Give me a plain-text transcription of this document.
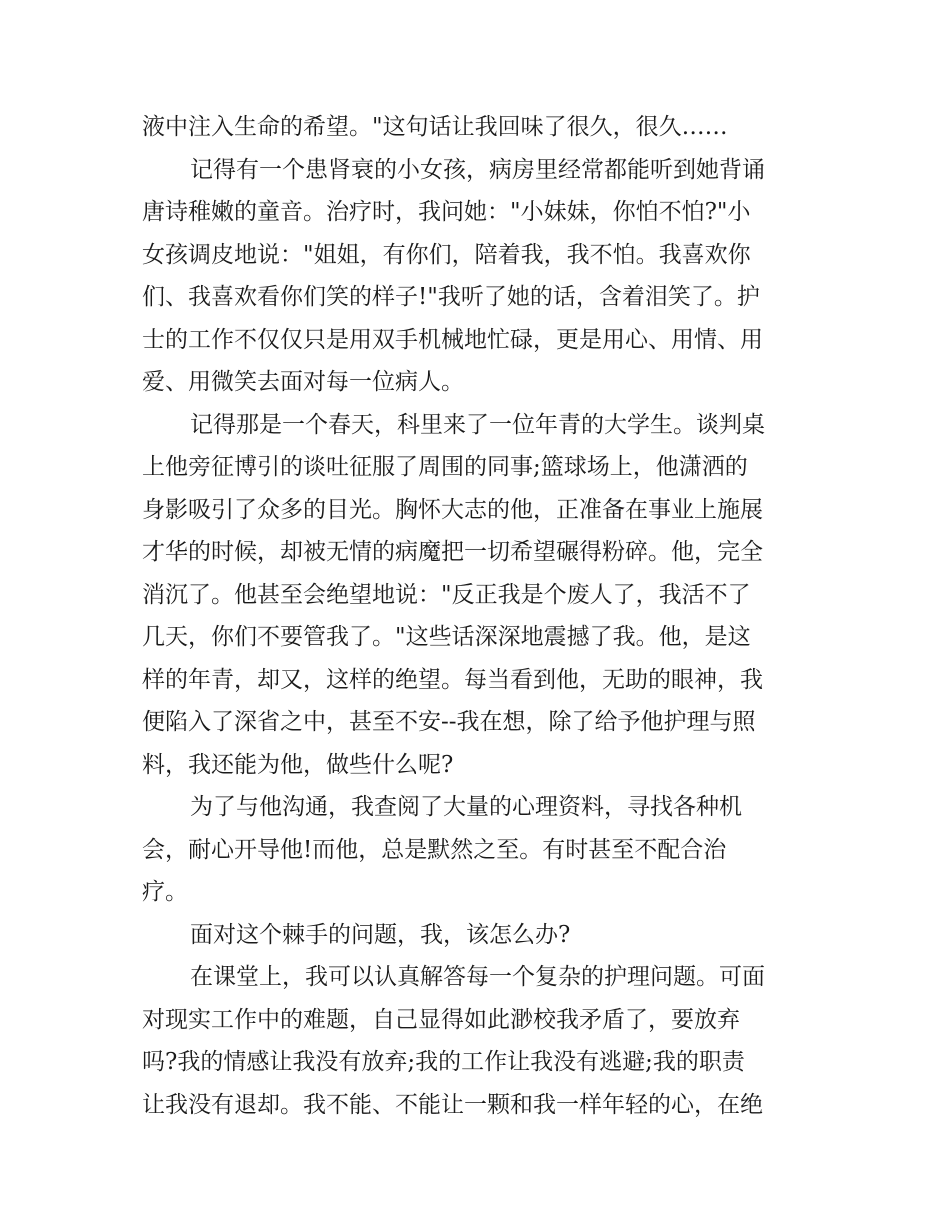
液中注入生命的希望。"这句话让我回味了很久，很久……
记得有一个患肾衰的小女孩，病房里经常都能听到她背诵
唐诗稚嫩的童音。治疗时，我问她："小妹妹，你怕不怕?"小
女孩调皮地说："姐姐，有你们，陪着我，我不怕。我喜欢你
们、我喜欢看你们笑的样子!"我听了她的话，含着泪笑了。护
士的工作不仅仅只是用双手机械地忙碌，更是用心、用情、用
爱、用微笑去面对每一位病人。
记得那是一个春天，科里来了一位年青的大学生。谈判桌
上他旁征博引的谈吐征服了周围的同事;篮球场上，他潇洒的
身影吸引了众多的目光。胸怀大志的他，正准备在事业上施展
才华的时候，却被无情的病魔把一切希望碾得粉碎。他，完全
消沉了。他甚至会绝望地说："反正我是个废人了，我活不了
几天，你们不要管我了。"这些话深深地震撼了我。他，是这
样的年青，却又，这样的绝望。每当看到他，无助的眼神，我
便陷入了深省之中，甚至不安--我在想，除了给予他护理与照
料，我还能为他，做些什么呢?
为了与他沟通，我查阅了大量的心理资料，寻找各种机
会，耐心开导他!而他，总是默然之至。有时甚至不配合治
疗。
面对这个棘手的问题，我，该怎么办?
在课堂上，我可以认真解答每一个复杂的护理问题。可面
对现实工作中的难题，自己显得如此渺校我矛盾了，要放弃
吗?我的情感让我没有放弃;我的工作让我没有逃避;我的职责
让我没有退却。我不能、不能让一颗和我一样年轻的心，在绝
